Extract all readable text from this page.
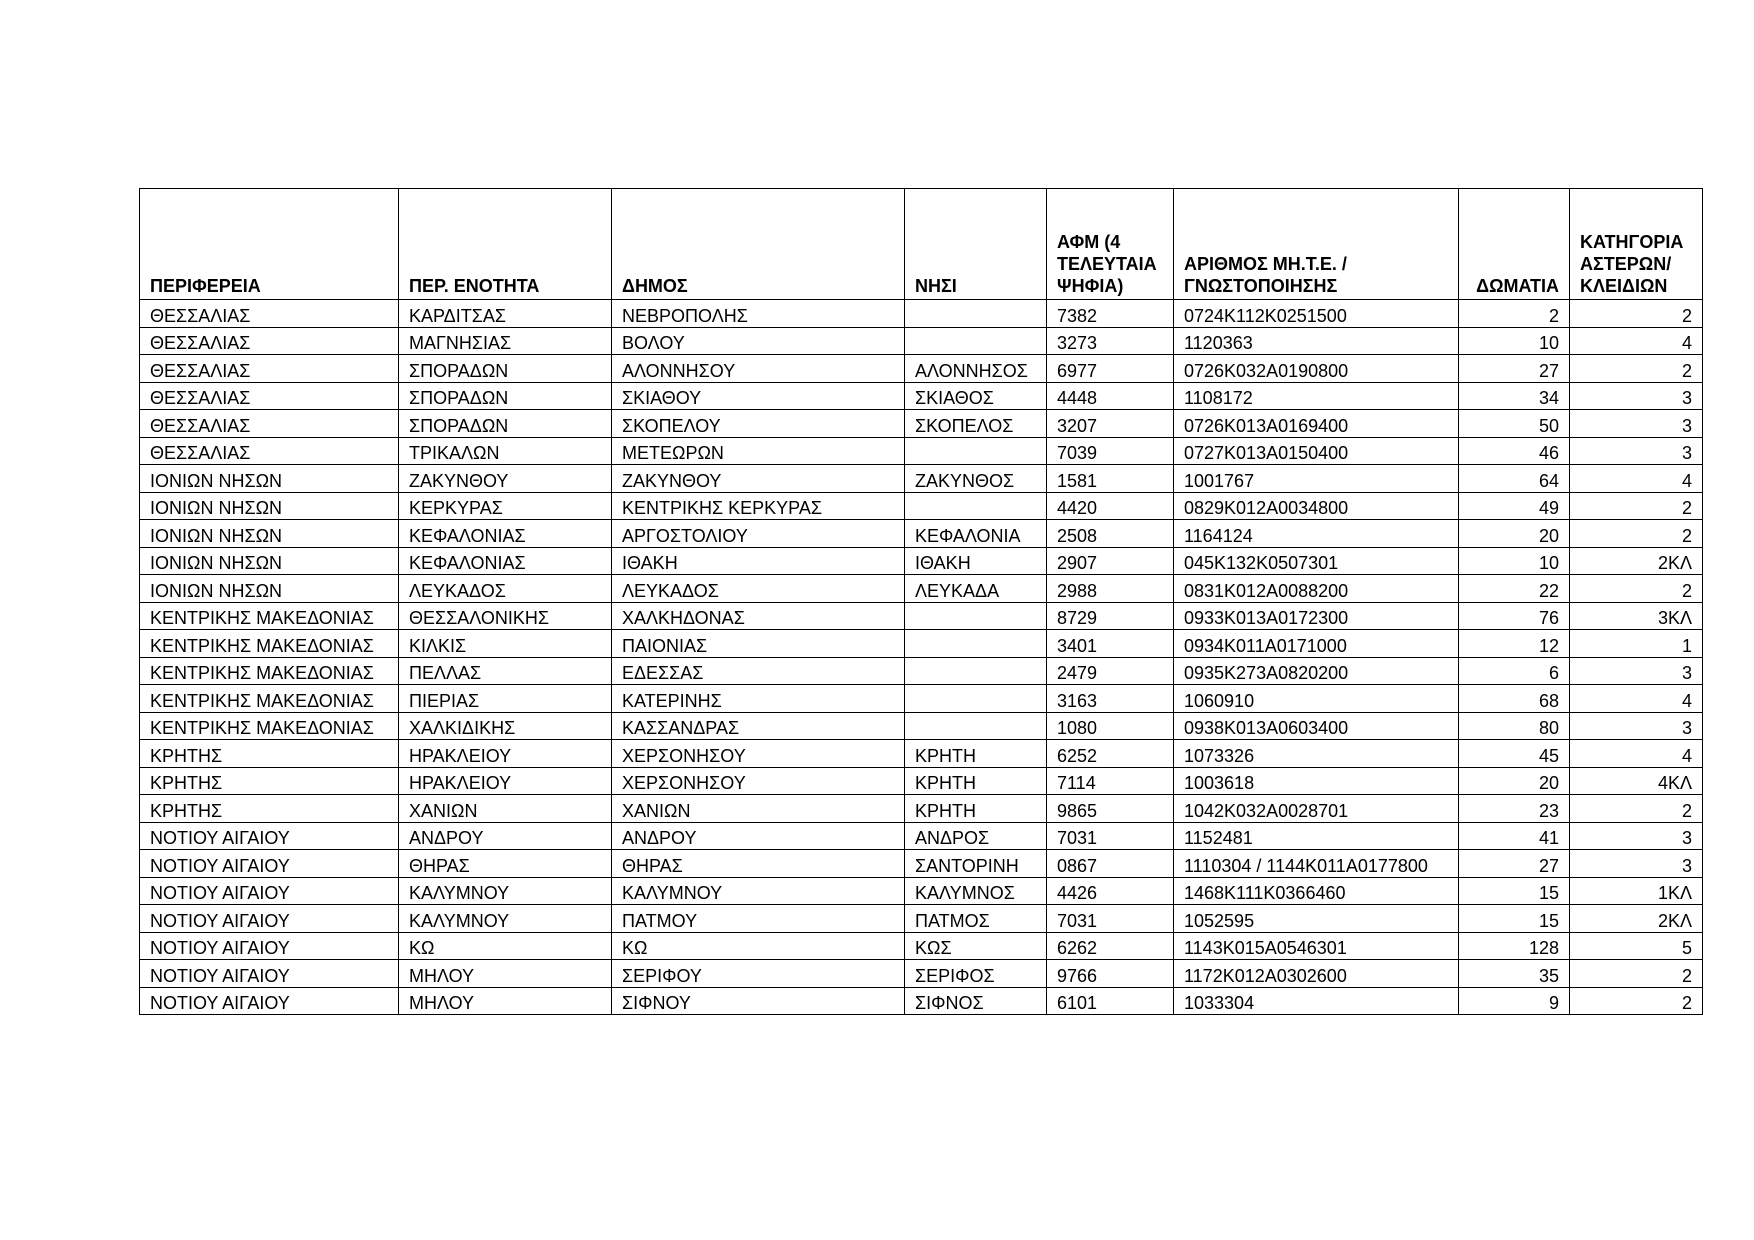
ΠΕΡΙΦΕΡΕΙΑ	ΠΕΡ. ΕΝΟΤΗΤΑ	ΔΗΜΟΣ	ΝΗΣΙ	ΑΦΜ (4 ΤΕΛΕΥΤΑΙΑ ΨΗΦΙΑ)	ΑΡΙΘΜΟΣ ΜΗ.Τ.Ε. / ΓΝΩΣΤΟΠΟΙΗΣΗΣ	ΔΩΜΑΤΙΑ	ΚΑΤΗΓΟΡΙΑ ΑΣΤΕΡΩΝ/ ΚΛΕΙΔΙΩΝ
ΘΕΣΣΑΛΙΑΣ	ΚΑΡΔΙΤΣΑΣ	ΝΕΒΡΟΠΟΛΗΣ		7382	0724K112K0251500	2	2
ΘΕΣΣΑΛΙΑΣ	ΜΑΓΝΗΣΙΑΣ	ΒΟΛΟΥ		3273	1120363	10	4
ΘΕΣΣΑΛΙΑΣ	ΣΠΟΡΑΔΩΝ	ΑΛΟΝΝΗΣΟΥ	ΑΛΟΝΝΗΣΟΣ	6977	0726K032A0190800	27	2
ΘΕΣΣΑΛΙΑΣ	ΣΠΟΡΑΔΩΝ	ΣΚΙΑΘΟΥ	ΣΚΙΑΘΟΣ	4448	1108172	34	3
ΘΕΣΣΑΛΙΑΣ	ΣΠΟΡΑΔΩΝ	ΣΚΟΠΕΛΟΥ	ΣΚΟΠΕΛΟΣ	3207	0726K013A0169400	50	3
ΘΕΣΣΑΛΙΑΣ	ΤΡΙΚΑΛΩΝ	ΜΕΤΕΩΡΩΝ		7039	0727K013A0150400	46	3
ΙΟΝΙΩΝ ΝΗΣΩΝ	ΖΑΚΥΝΘΟΥ	ΖΑΚΥΝΘΟΥ	ΖΑΚΥΝΘΟΣ	1581	1001767	64	4
ΙΟΝΙΩΝ ΝΗΣΩΝ	ΚΕΡΚΥΡΑΣ	ΚΕΝΤΡΙΚΗΣ ΚΕΡΚΥΡΑΣ		4420	0829K012A0034800	49	2
ΙΟΝΙΩΝ ΝΗΣΩΝ	ΚΕΦΑΛΟΝΙΑΣ	ΑΡΓΟΣΤΟΛΙΟΥ	ΚΕΦΑΛΟΝΙΑ	2508	1164124	20	2
ΙΟΝΙΩΝ ΝΗΣΩΝ	ΚΕΦΑΛΟΝΙΑΣ	ΙΘΑΚΗ	ΙΘΑΚΗ	2907	045K132K0507301	10	2ΚΛ
ΙΟΝΙΩΝ ΝΗΣΩΝ	ΛΕΥΚΑΔΟΣ	ΛΕΥΚΑΔΟΣ	ΛΕΥΚΑΔΑ	2988	0831K012A0088200	22	2
ΚΕΝΤΡΙΚΗΣ ΜΑΚΕΔΟΝΙΑΣ	ΘΕΣΣΑΛΟΝΙΚΗΣ	ΧΑΛΚΗΔΟΝΑΣ		8729	0933K013A0172300	76	3ΚΛ
ΚΕΝΤΡΙΚΗΣ ΜΑΚΕΔΟΝΙΑΣ	ΚΙΛΚΙΣ	ΠΑΙΟΝΙΑΣ		3401	0934K011A0171000	12	1
ΚΕΝΤΡΙΚΗΣ ΜΑΚΕΔΟΝΙΑΣ	ΠΕΛΛΑΣ	ΕΔΕΣΣΑΣ		2479	0935K273A0820200	6	3
ΚΕΝΤΡΙΚΗΣ ΜΑΚΕΔΟΝΙΑΣ	ΠΙΕΡΙΑΣ	ΚΑΤΕΡΙΝΗΣ		3163	1060910	68	4
ΚΕΝΤΡΙΚΗΣ ΜΑΚΕΔΟΝΙΑΣ	ΧΑΛΚΙΔΙΚΗΣ	ΚΑΣΣΑΝΔΡΑΣ		1080	0938K013A0603400	80	3
ΚΡΗΤΗΣ	ΗΡΑΚΛΕΙΟΥ	ΧΕΡΣΟΝΗΣΟΥ	ΚΡΗΤΗ	6252	1073326	45	4
ΚΡΗΤΗΣ	ΗΡΑΚΛΕΙΟΥ	ΧΕΡΣΟΝΗΣΟΥ	ΚΡΗΤΗ	7114	1003618	20	4ΚΛ
ΚΡΗΤΗΣ	ΧΑΝΙΩΝ	ΧΑΝΙΩΝ	ΚΡΗΤΗ	9865	1042K032A0028701	23	2
ΝΟΤΙΟΥ ΑΙΓΑΙΟΥ	ΑΝΔΡΟΥ	ΑΝΔΡΟΥ	ΑΝΔΡΟΣ	7031	1152481	41	3
ΝΟΤΙΟΥ ΑΙΓΑΙΟΥ	ΘΗΡΑΣ	ΘΗΡΑΣ	ΣΑΝΤΟΡΙΝΗ	0867	1110304 / 1144K011A0177800	27	3
ΝΟΤΙΟΥ ΑΙΓΑΙΟΥ	ΚΑΛΥΜΝΟΥ	ΚΑΛΥΜΝΟΥ	ΚΑΛΥΜΝΟΣ	4426	1468K111K0366460	15	1ΚΛ
ΝΟΤΙΟΥ ΑΙΓΑΙΟΥ	ΚΑΛΥΜΝΟΥ	ΠΑΤΜΟΥ	ΠΑΤΜΟΣ	7031	1052595	15	2ΚΛ
ΝΟΤΙΟΥ ΑΙΓΑΙΟΥ	ΚΩ	ΚΩ	ΚΩΣ	6262	1143K015A0546301	128	5
ΝΟΤΙΟΥ ΑΙΓΑΙΟΥ	ΜΗΛΟΥ	ΣΕΡΙΦΟΥ	ΣΕΡΙΦΟΣ	9766	1172K012A0302600	35	2
ΝΟΤΙΟΥ ΑΙΓΑΙΟΥ	ΜΗΛΟΥ	ΣΙΦΝΟΥ	ΣΙΦΝΟΣ	6101	1033304	9	2
